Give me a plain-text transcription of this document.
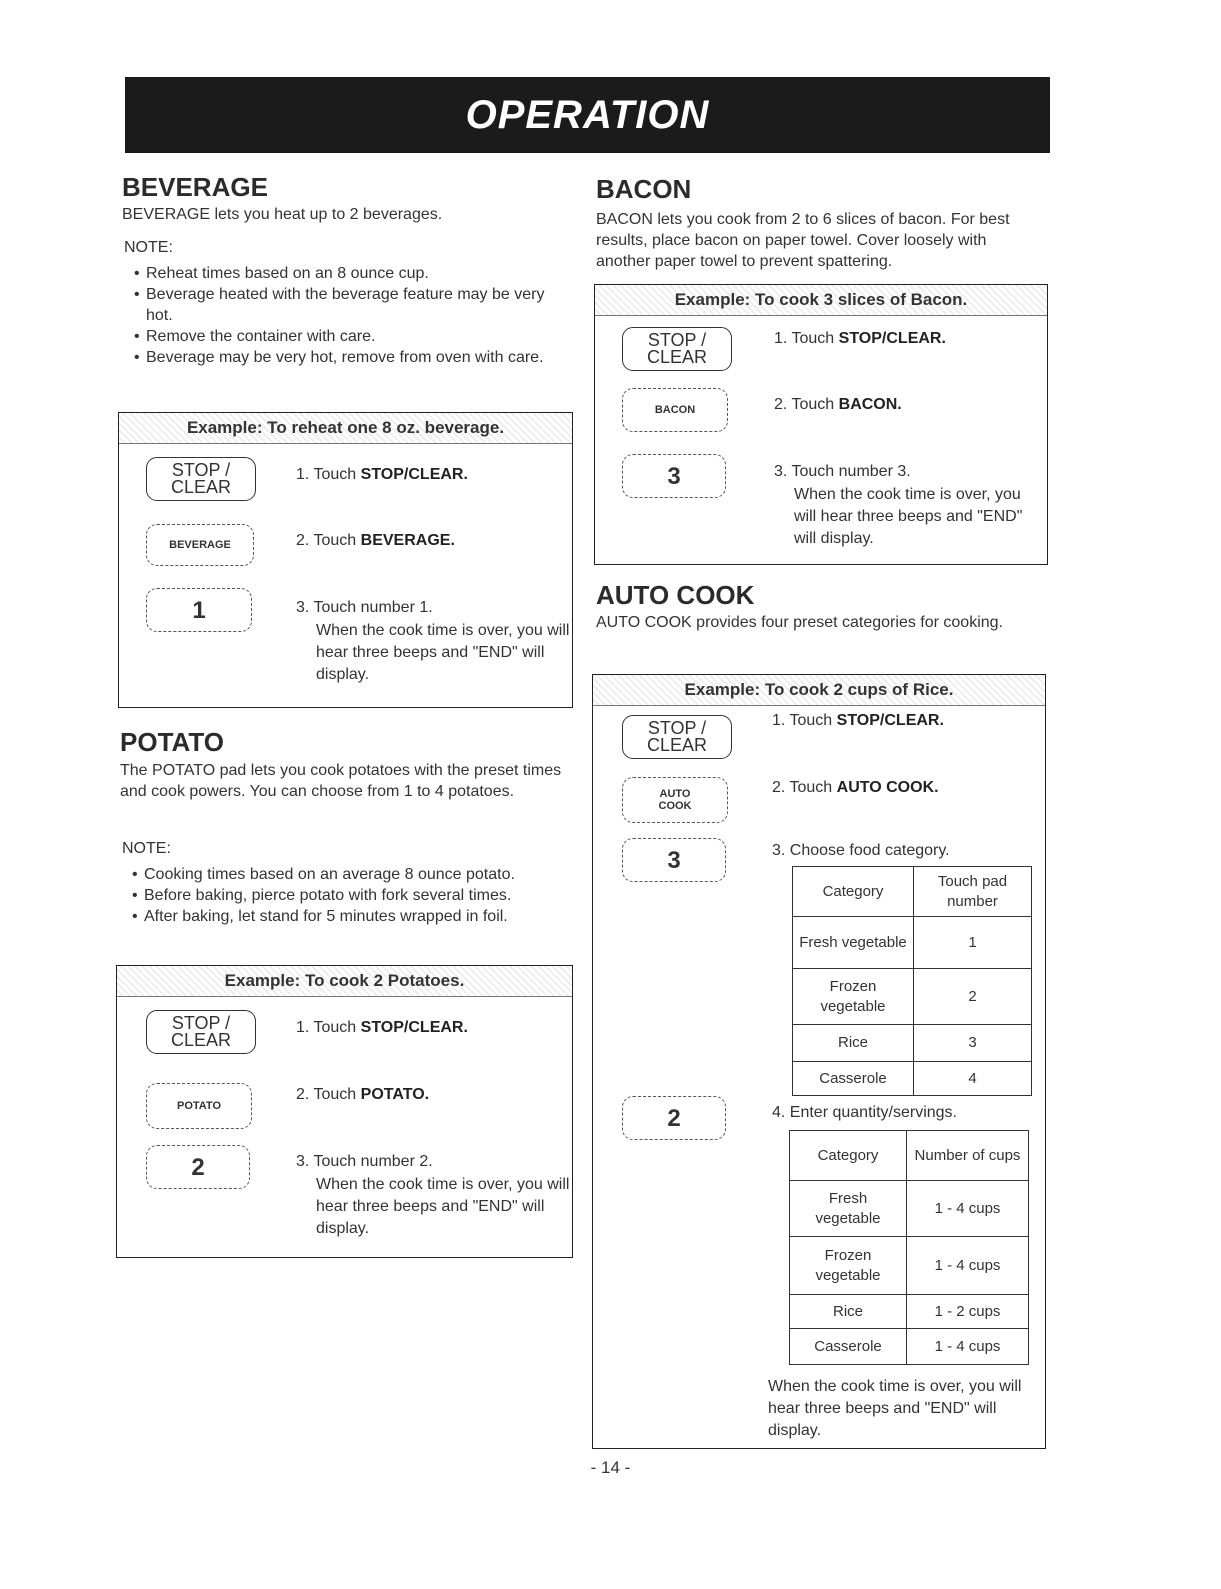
OPERATION
BEVERAGE
BEVERAGE lets you heat up to 2 beverages.
NOTE:
• Reheat times based on an 8 ounce cup.
• Beverage heated with the beverage feature may be very hot.
• Remove the container with care.
• Beverage may be very hot, remove from oven with care.
Example: To reheat one 8 oz. beverage.
STOP /
CLEAR
BEVERAGE
1
1. Touch STOP/CLEAR.
2. Touch BEVERAGE.
3. Touch number 1.
When the cook time is over, you will hear three beeps and "END" will display.
POTATO
The POTATO pad lets you cook potatoes with the preset times and cook powers. You can choose from 1 to 4 potatoes.
NOTE:
• Cooking times based on an average 8 ounce potato.
• Before baking, pierce potato with fork several times.
• After baking, let stand for 5 minutes wrapped in foil.
Example: To cook 2 Potatoes.
STOP /
CLEAR
POTATO
2
1. Touch STOP/CLEAR.
2. Touch POTATO.
3. Touch number 2.
When the cook time is over, you will hear three beeps and "END" will display.
BACON
BACON lets you cook from 2 to 6 slices of bacon. For best results, place bacon on paper towel. Cover loosely with another paper towel to prevent spattering.
Example: To cook 3 slices of Bacon.
STOP /
CLEAR
BACON
3
1. Touch STOP/CLEAR.
2. Touch BACON.
3. Touch number 3.
When the cook time is over, you will hear three beeps and "END" will display.
AUTO COOK
AUTO COOK provides four preset categories for cooking.
Example: To cook 2 cups of Rice.
STOP /
CLEAR
AUTO
COOK
3
2
1. Touch STOP/CLEAR.
2. Touch AUTO COOK.
3. Choose food category.
Category	Touch pad number
Fresh vegetable	1
Frozen vegetable	2
Rice	3
Casserole	4
4. Enter quantity/servings.
Category	Number of cups
Fresh vegetable	1 - 4 cups
Frozen vegetable	1 - 4 cups
Rice	1 - 2 cups
Casserole	1 - 4 cups
When the cook time is over, you will hear three beeps and "END" will display.
- 14 -
